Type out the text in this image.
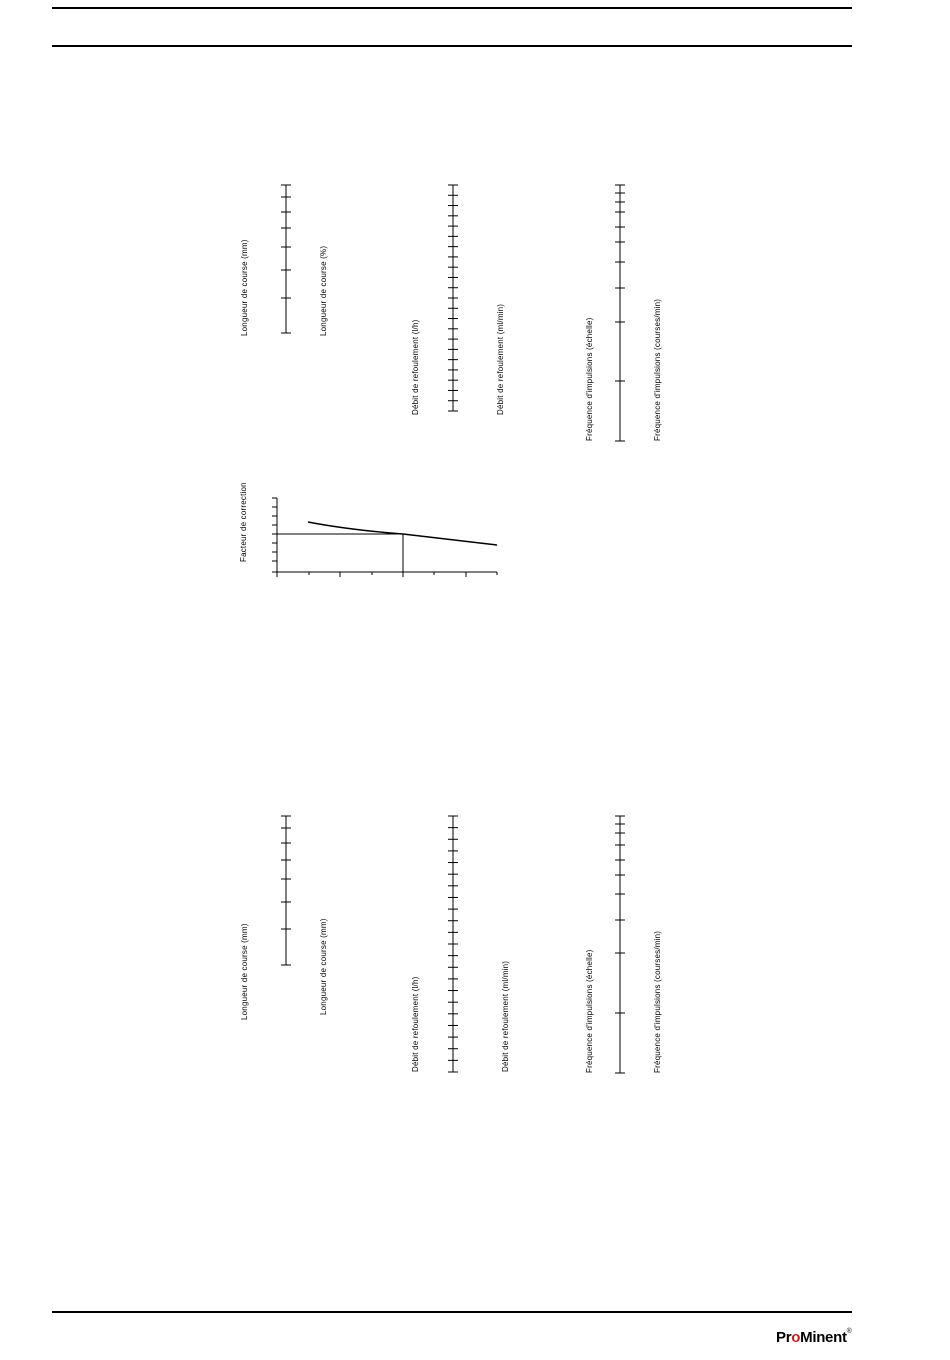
Longueur de course (mm)	Longueur de course (%)
Débit de refoulement (l/h)	Débit de refoulement (ml/min)	Fréquence d'impulsions (échelle)	Fréquence d'impulsions (courses/min)
Facteur de correction
Longueur de course (mm)	Longueur de course (mm)
Débit de refoulement (l/h)	Débit de refoulement (ml/min)	Fréquence d'impulsions (échelle)	Fréquence d'impulsions (courses/min)
ProMinent®
